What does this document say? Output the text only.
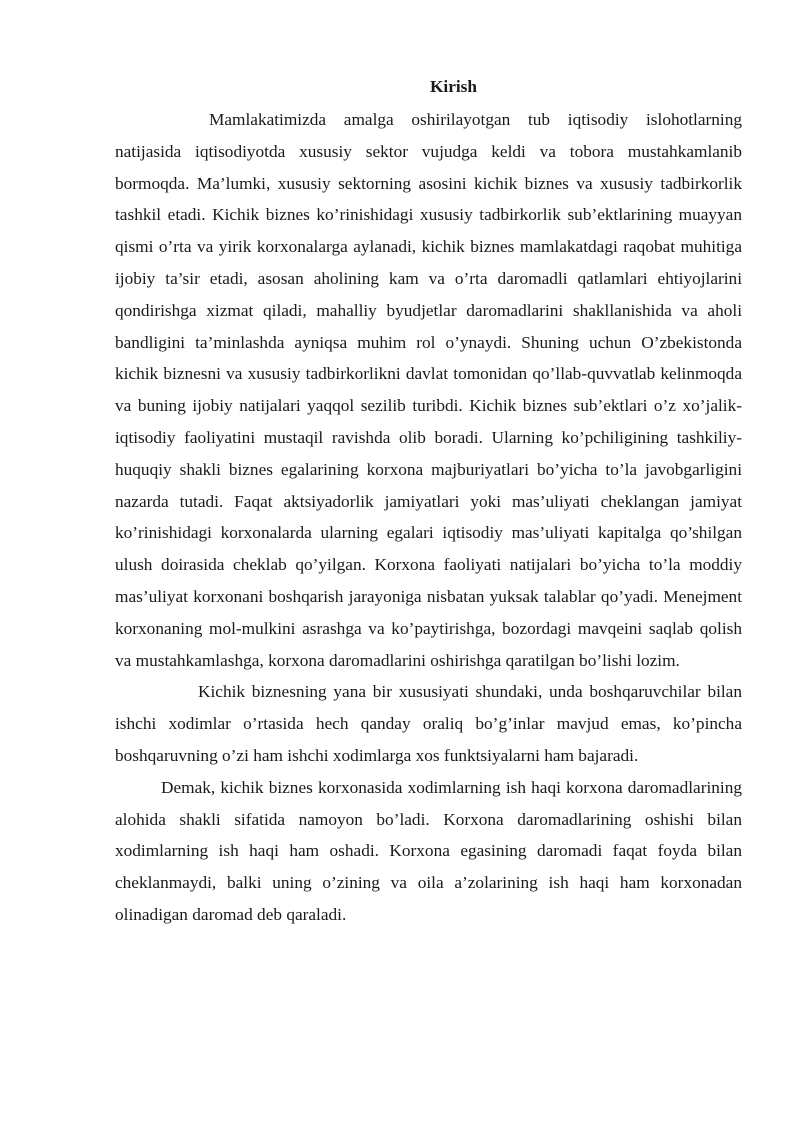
Kirish

Mamlakatimizda amalga oshirilayotgan tub iqtisodiy islohotlarning natijasida iqtisodiyotda xususiy sektor vujudga keldi va tobora mustahkamlanib bormoqda. Ma’lumki, xususiy sektorning asosini kichik biznes va xususiy tadbirkorlik tashkil etadi. Kichik biznes ko’rinishidagi xususiy tadbirkorlik sub’ektlarining muayyan qismi o’rta va yirik korxonalarga aylanadi, kichik biznes mamlakatdagi raqobat muhitiga ijobiy ta’sir etadi, asosan aholining kam va o’rta daromadli qatlamlari ehtiyojlarini qondirishga xizmat qiladi, mahalliy byudjetlar daromadlarini shakllanishida va aholi bandligini ta’minlashda ayniqsa muhim rol o’ynaydi. Shuning uchun O’zbekistonda kichik biznesni va xususiy tadbirkorlikni davlat tomonidan qo’llab-quvvatlab kelinmoqda va buning ijobiy natijalari yaqqol sezilib turibdi. Kichik biznes sub’ektlari o’z xo’jalik-iqtisodiy faoliyatini mustaqil ravishda olib boradi. Ularning ko’pchiligining tashkiliy-huquqiy shakli biznes egalarining korxona majburiyatlari bo’yicha to’la javobgarligini nazarda tutadi. Faqat aktsiyadorlik jamiyatlari yoki mas’uliyati cheklangan jamiyat ko’rinishidagi korxonalarda ularning egalari iqtisodiy mas’uliyati kapitalga qo’shilgan ulush doirasida cheklab qo’yilgan. Korxona faoliyati natijalari bo’yicha to’la moddiy mas’uliyat korxonani boshqarish jarayoniga nisbatan yuksak talablar qo’yadi. Menejment korxonaning mol-mulkini asrashga va ko’paytirishga, bozordagi mavqeini saqlab qolish va mustahkamlashga, korxona daromadlarini oshirishga qaratilgan bo’lishi lozim.

Kichik biznesning yana bir xususiyati shundaki, unda boshqaruvchilar bilan ishchi xodimlar o’rtasida hech qanday oraliq bo’g’inlar mavjud emas, ko’pincha boshqaruvning o’zi ham ishchi xodimlarga xos funktsiyalarni ham bajaradi.

Demak, kichik biznes korxonasida xodimlarning ish haqi korxona daromadlarining alohida shakli sifatida namoyon bo’ladi. Korxona daromadlarining oshishi bilan xodimlarning ish haqi ham oshadi. Korxona egasining daromadi faqat foyda bilan cheklanmaydi, balki uning o’zining va oila a’zolarining ish haqi ham korxonadan olinadigan daromad deb qaraladi.
